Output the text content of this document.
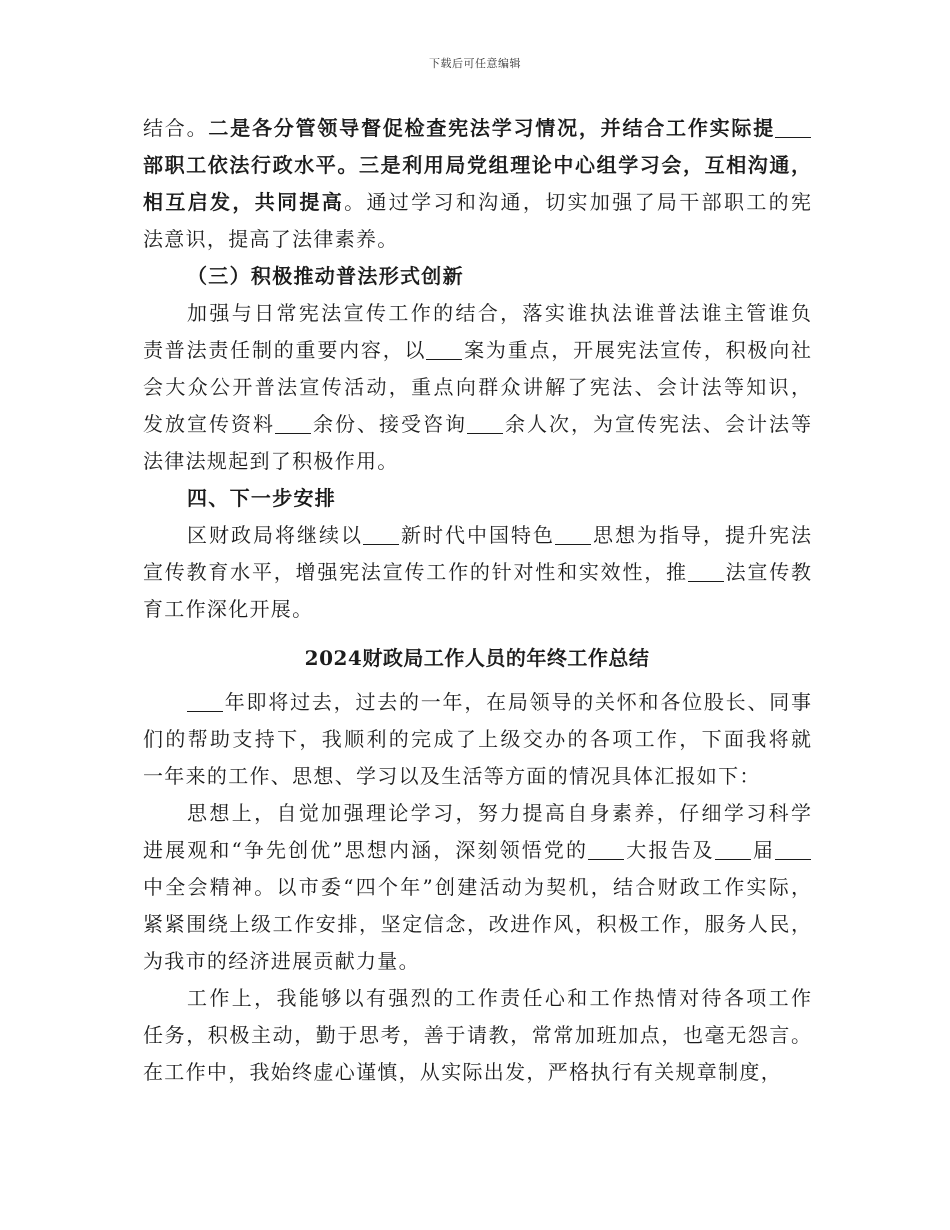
下载后可任意编辑
结合。二是各分管领导督促检查宪法学习情况，并结合工作实际提
部职工依法行政水平。三是利用局党组理论中心组学习会，互相沟通，
相互启发，共同提高。通过学习和沟通，切实加强了局干部职工的宪
法意识，提高了法律素养。
（三）积极推动普法形式创新
加强与日常宪法宣传工作的结合，落实谁执法谁普法谁主管谁负
责普法责任制的重要内容，以 案为重点，开展宪法宣传，积极向社
会大众公开普法宣传活动，重点向群众讲解了宪法、会计法等知识，
发放宣传资料 余份、接受咨询 余人次，为宣传宪法、会计法等
法律法规起到了积极作用。
四、下一步安排
区财政局将继续以 新时代中国特色 思想为指导，提升宪法
宣传教育水平，增强宪法宣传工作的针对性和实效性，推 法宣传教
育工作深化开展。
2024财政局工作人员的年终工作总结
年即将过去，过去的一年，在局领导的关怀和各位股长、同事
们的帮助支持下，我顺利的完成了上级交办的各项工作，下面我将就
一年来的工作、思想、学习以及生活等方面的情况具体汇报如下：
思想上，自觉加强理论学习，努力提高自身素养，仔细学习科学
进展观和“争先创优”思想内涵，深刻领悟党的 大报告及 届
中全会精神。以市委“四个年”创建活动为契机，结合财政工作实际，
紧紧围绕上级工作安排，坚定信念，改进作风，积极工作，服务人民，
为我市的经济进展贡献力量。
工作上，我能够以有强烈的工作责任心和工作热情对待各项工作
任务，积极主动，勤于思考，善于请教，常常加班加点，也毫无怨言。
在工作中，我始终虚心谨慎，从实际出发，严格执行有关规章制度，
